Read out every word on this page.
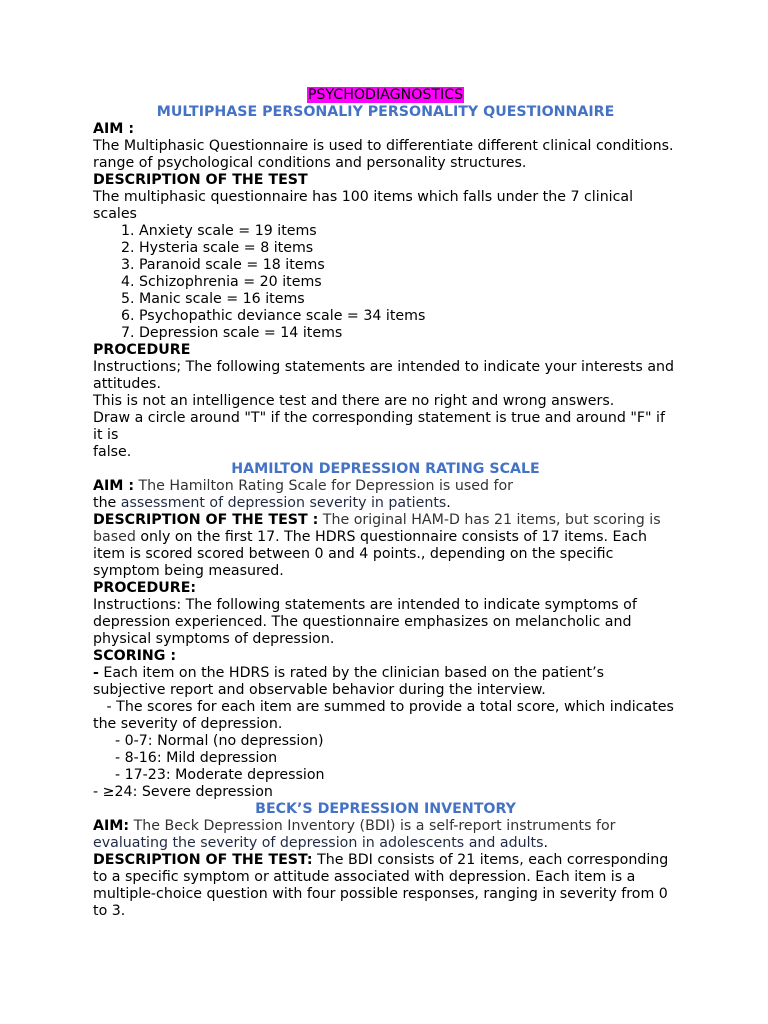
PSYCHODIAGNOSTICS

MULTIPHASE PERSONALIY PERSONALITY QUESTIONNAIRE

AIM :

The Multiphasic Questionnaire is used to differentiate different clinical conditions. range of psychological conditions and personality structures.

DESCRIPTION OF THE TEST

The multiphasic questionnaire has 100 items which falls under the 7 clinical scales

1. Anxiety scale = 19 items
2. Hysteria scale = 8 items
3. Paranoid scale = 18 items
4. Schizophrenia = 20 items
5. Manic scale = 16 items
6. Psychopathic deviance scale = 34 items
7. Depression scale = 14 items

PROCEDURE

Instructions; The following statements are intended to indicate your interests and attitudes.

This is not an intelligence test and there are no right and wrong answers.

Draw a circle around "T" if the corresponding statement is true and around "F" if it is

false.

HAMILTON DEPRESSION RATING SCALE

AIM : The Hamilton Rating Scale for Depression is used for
the assessment of depression severity in patients.

DESCRIPTION OF THE TEST : The original HAM-D has 21 items, but scoring is based only on the first 17. The HDRS questionnaire consists of 17 items. Each item is scored scored between 0 and 4 points., depending on the specific symptom being measured.

PROCEDURE:

Instructions: The following statements are intended to indicate symptoms of depression experienced. The questionnaire emphasizes on melancholic and physical symptoms of depression.

SCORING :

- Each item on the HDRS is rated by the clinician based on the patient’s subjective report and observable behavior during the interview.

- The scores for each item are summed to provide a total score, which indicates the severity of depression.

- 0-7: Normal (no depression)

- 8-16: Mild depression

- 17-23: Moderate depression

- ≥24: Severe depression

BECK’S DEPRESSION INVENTORY

AIM: The Beck Depression Inventory (BDI) is a self-report instruments for evaluating the severity of depression in adolescents and adults.

DESCRIPTION OF THE TEST: The BDI consists of 21 items, each corresponding to a specific symptom or attitude associated with depression. Each item is a multiple-choice question with four possible responses, ranging in severity from 0 to 3.
